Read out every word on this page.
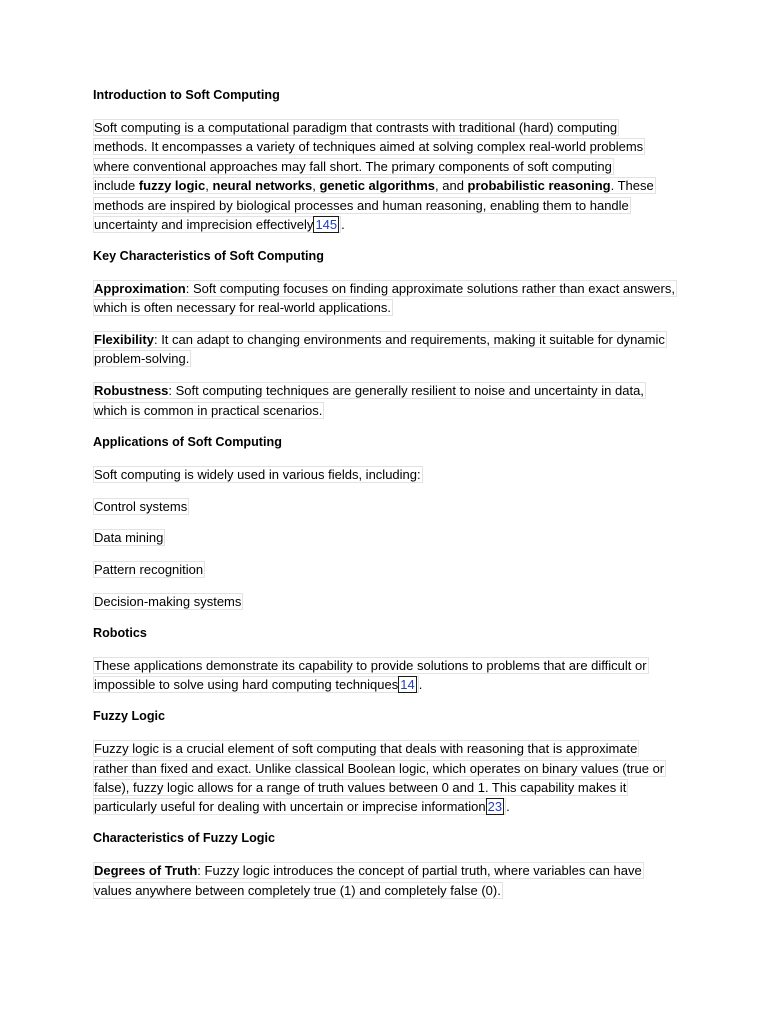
Introduction to Soft Computing
Soft computing is a computational paradigm that contrasts with traditional (hard) computing
methods. It encompasses a variety of techniques aimed at solving complex real-world problems
where conventional approaches may fall short. The primary components of soft computing
include fuzzy logic, neural networks, genetic algorithms, and probabilistic reasoning. These
methods are inspired by biological processes and human reasoning, enabling them to handle
uncertainty and imprecision effectively 145 .
Key Characteristics of Soft Computing
Approximation: Soft computing focuses on finding approximate solutions rather than exact answers,
which is often necessary for real-world applications.
Flexibility: It can adapt to changing environments and requirements, making it suitable for dynamic
problem-solving.
Robustness: Soft computing techniques are generally resilient to noise and uncertainty in data,
which is common in practical scenarios.
Applications of Soft Computing
Soft computing is widely used in various fields, including:
Control systems
Data mining
Pattern recognition
Decision-making systems
Robotics
These applications demonstrate its capability to provide solutions to problems that are difficult or
impossible to solve using hard computing techniques 14 .
Fuzzy Logic
Fuzzy logic is a crucial element of soft computing that deals with reasoning that is approximate
rather than fixed and exact. Unlike classical Boolean logic, which operates on binary values (true or
false), fuzzy logic allows for a range of truth values between 0 and 1. This capability makes it
particularly useful for dealing with uncertain or imprecise information 23 .
Characteristics of Fuzzy Logic
Degrees of Truth: Fuzzy logic introduces the concept of partial truth, where variables can have
values anywhere between completely true (1) and completely false (0).
